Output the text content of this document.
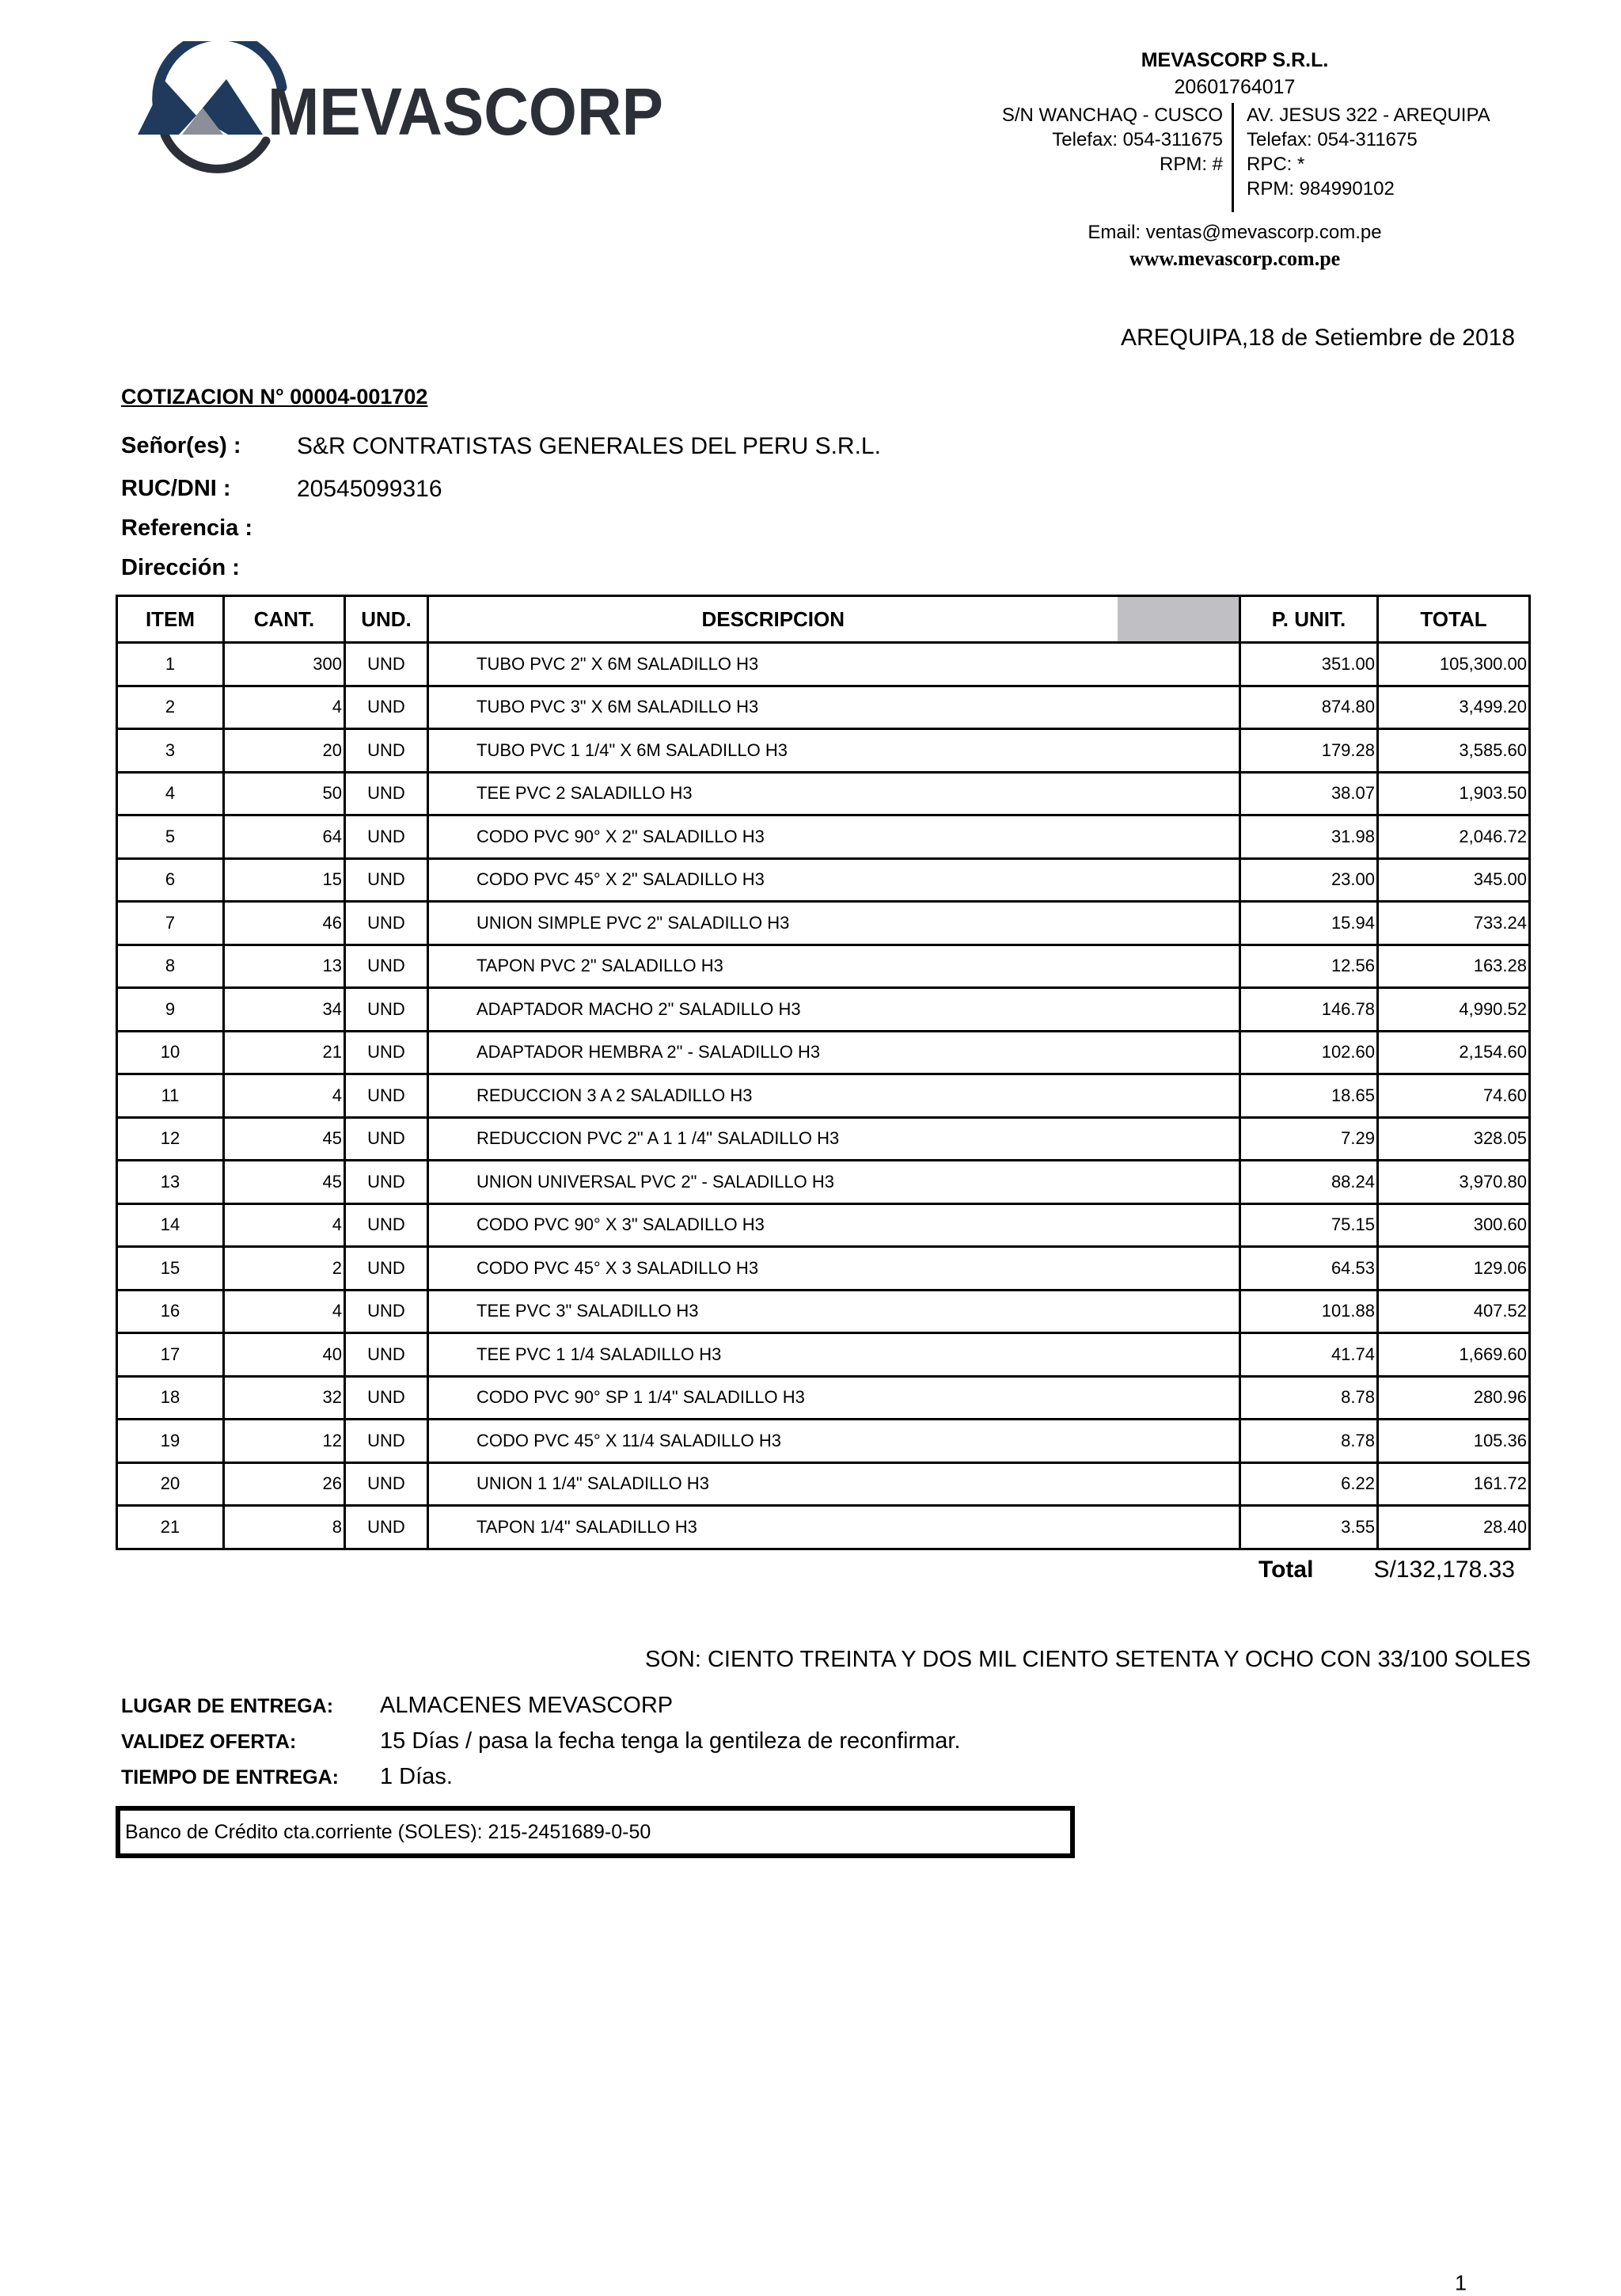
MEVASCORP
MEVASCORP S.R.L.
20601764017
S/N WANCHAQ - CUSCO
Telefax: 054-311675
RPM: #
AV. JESUS 322 - AREQUIPA
Telefax: 054-311675
RPC: *
RPM: 984990102
Email: ventas@mevascorp.com.pe
www.mevascorp.com.pe
AREQUIPA,18 de Setiembre de 2018
COTIZACION N° 00004-001702
Señor(es) : S&R CONTRATISTAS GENERALES DEL PERU S.R.L.
RUC/DNI :	20545099316
Referencia :
Dirección :
ITEM	CANT.	UND.	DESCRIPCION		P. UNIT.	TOTAL
1	300	UND	TUBO PVC 2" X 6M SALADILLO H3		351.00	105,300.00
2	4	UND	TUBO PVC 3" X 6M SALADILLO H3		874.80	3,499.20
3	20	UND	TUBO PVC 1 1/4" X 6M SALADILLO H3		179.28	3,585.60
4	50	UND	TEE PVC 2 SALADILLO H3		38.07	1,903.50
5	64	UND	CODO PVC 90° X 2" SALADILLO H3		31.98	2,046.72
6	15	UND	CODO PVC 45° X 2" SALADILLO H3		23.00	345.00
7	46	UND	UNION SIMPLE PVC 2" SALADILLO H3		15.94	733.24
8	13	UND	TAPON PVC 2" SALADILLO H3		12.56	163.28
9	34	UND	ADAPTADOR MACHO 2" SALADILLO H3		146.78	4,990.52
10	21	UND	ADAPTADOR HEMBRA 2" - SALADILLO H3		102.60	2,154.60
11	4	UND	REDUCCION 3 A 2 SALADILLO H3		18.65	74.60
12	45	UND	REDUCCION PVC 2" A 1 1 /4" SALADILLO H3		7.29	328.05
13	45	UND	UNION UNIVERSAL PVC 2" - SALADILLO H3		88.24	3,970.80
14	4	UND	CODO PVC 90° X 3" SALADILLO H3		75.15	300.60
15	2	UND	CODO PVC 45° X 3 SALADILLO H3		64.53	129.06
16	4	UND	TEE PVC 3" SALADILLO H3		101.88	407.52
17	40	UND	TEE PVC 1 1/4 SALADILLO H3		41.74	1,669.60
18	32	UND	CODO PVC 90° SP 1 1/4" SALADILLO H3		8.78	280.96
19	12	UND	CODO PVC 45° X 11/4 SALADILLO H3		8.78	105.36
20	26	UND	UNION 1 1/4" SALADILLO H3		6.22	161.72
21	8	UND	TAPON 1/4" SALADILLO H3		3.55	28.40
Total	S/132,178.33
SON: CIENTO TREINTA Y DOS MIL CIENTO SETENTA Y OCHO CON 33/100 SOLES
LUGAR DE ENTREGA: ALMACENES MEVASCORP
VALIDEZ OFERTA:	15 Días / pasa la fecha tenga la gentileza de reconfirmar.
TIEMPO DE ENTREGA: 1 Días.
Banco de Crédito cta.corriente (SOLES): 215-2451689-0-50
1
